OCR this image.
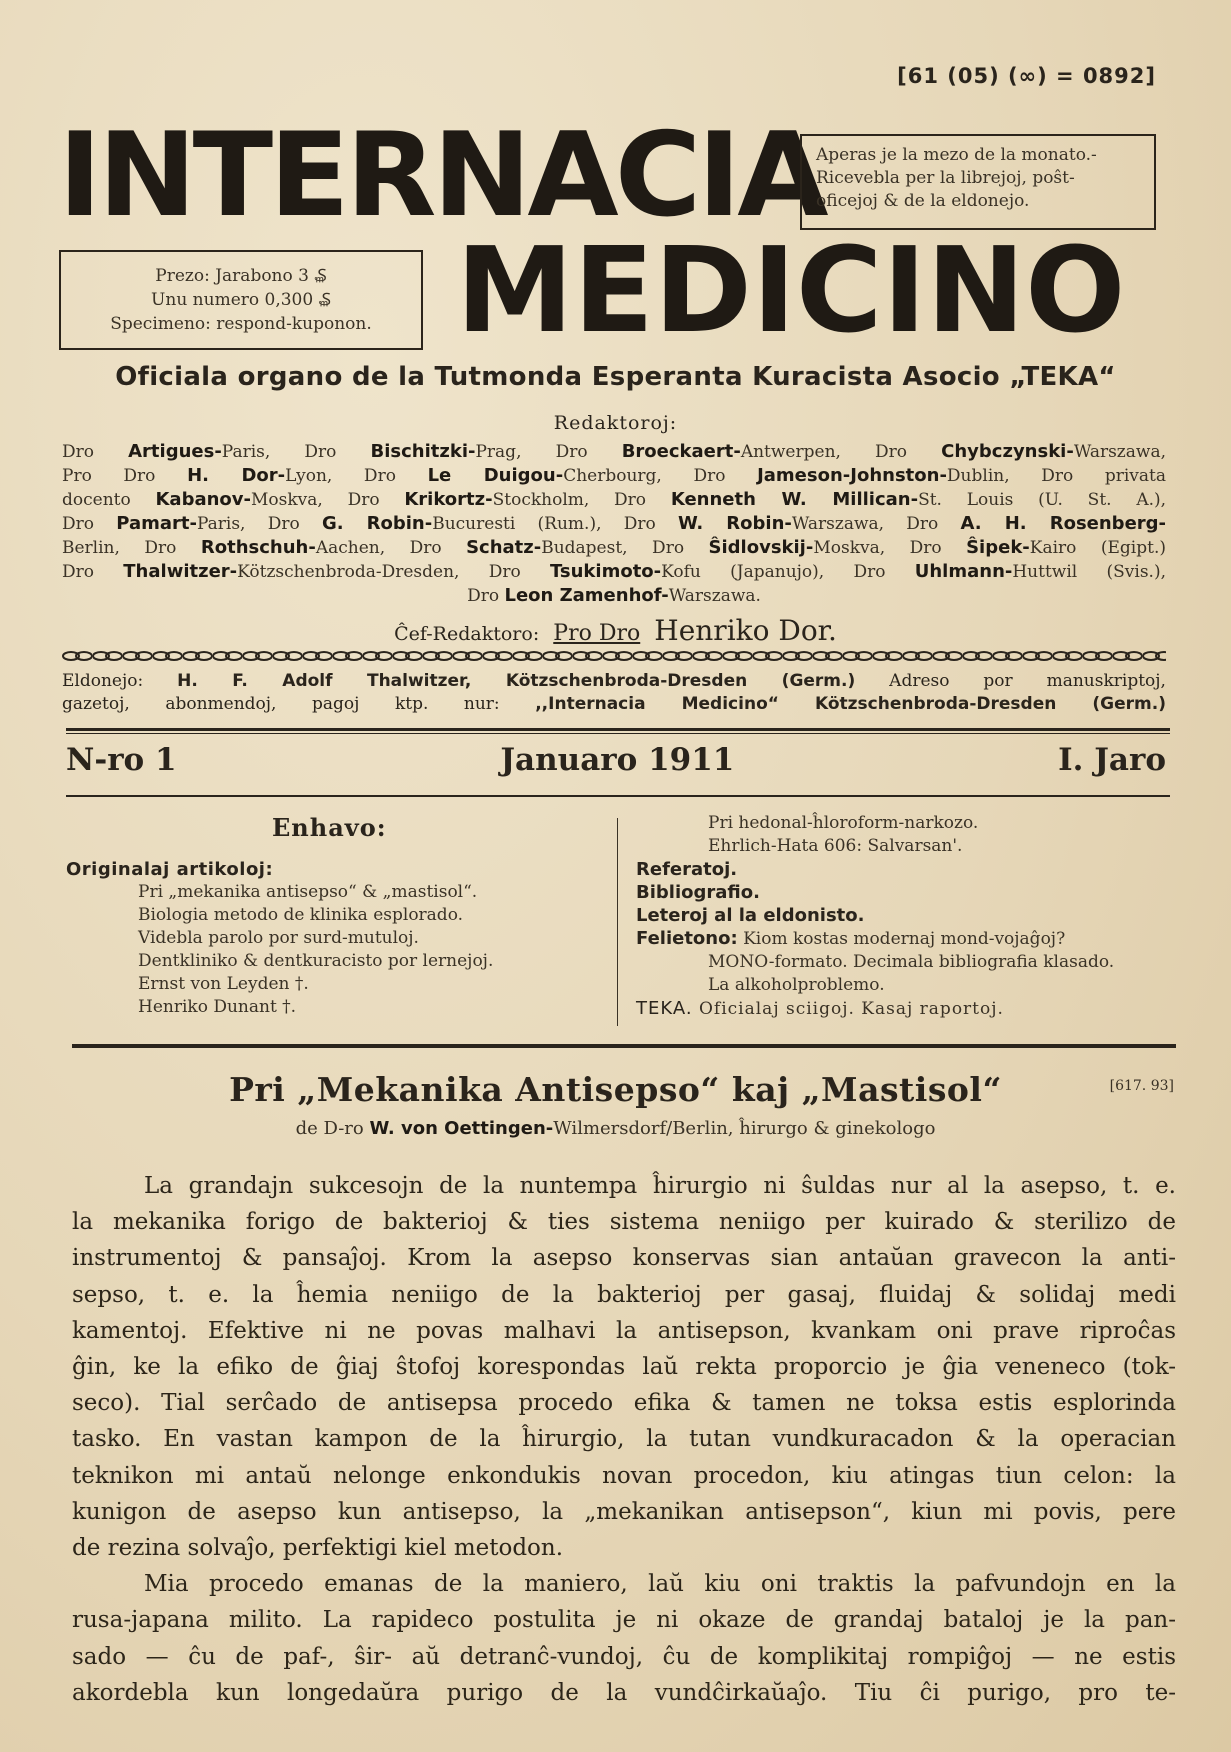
[61 (05) (∞) = 0892]
INTERNACIA
Aperas je la mezo de la monato.-
Ricevebla per la librejoj, poŝt-
oficejoj & de la eldonejo.
Prezo: Jarabono 3 ₷
Unu numero 0,300 ₷
Specimeno: respond-kuponon. MEDICINO
Oficiala organo de la Tutmonda Esperanta Kuracista Asocio „TEKA“
Redaktoroj:
Dro Artigues-Paris, Dro Bischitzki-Prag, Dro Broeckaert-Antwerpen, Dro Chybczynski-Warszawa,
Pro Dro H. Dor-Lyon, Dro Le Duigou-Cherbourg, Dro Jameson-Johnston-Dublin, Dro privata
docento Kabanov-Moskva, Dro Krikortz-Stockholm, Dro Kenneth W. Millican-St. Louis (U. St. A.),
Dro Pamart-Paris, Dro G. Robin-Bucuresti (Rum.), Dro W. Robin-Warszawa, Dro A. H. Rosenberg-
Berlin, Dro Rothschuh-Aachen, Dro Schatz-Budapest, Dro Ŝidlovskij-Moskva, Dro Ŝipek-Kairo (Egipt.)
Dro Thalwitzer-Kötzschenbroda-Dresden, Dro Tsukimoto-Kofu (Japanujo), Dro Uhlmann-Huttwil (Svis.),
Dro Leon Zamenhof-Warszawa.
Ĉef-Redaktoro: Pro Dro Henriko Dor.
Eldonejo: H. F. Adolf Thalwitzer, Kötzschenbroda-Dresden (Germ.) Adreso por manuskriptoj,
gazetoj, abonmendoj, pagoj ktp. nur: ,,Internacia Medicino“ Kötzschenbroda-Dresden (Germ.)
N-ro 1	Januaro 1911	I. Jaro
Enhavo:
Originalaj artikoloj:
Pri „mekanika antisepso“ & „mastisol“.
Biologia metodo de klinika esplorado.
Videbla parolo por surd-mutuloj.
Dentkliniko & dentkuracisto por lernejoj.
Ernst von Leyden †.
Henriko Dunant †.
Pri hedonal-ĥloroform-narkozo.
Ehrlich-Hata 606: Salvarsan'.
Referatoj.
Bibliografio.
Leteroj al la eldonisto.
Felietono: Kiom kostas modernaj mond-vojaĝoj?
MONO-formato. Decimala bibliografia klasado.
La alkoholproblemo.
TEKA. Oficialaj sciigoj. Kasaj raportoj.
Pri „Mekanika Antisepso“ kaj „Mastisol“	[617. 93]
de D-ro W. von Oettingen-Wilmersdorf/Berlin, ĥirurgo & ginekologo
La grandajn sukcesojn de la nuntempa ĥirurgio ni ŝuldas nur al la asepso, t. e.
la mekanika forigo de bakterioj & ties sistema neniigo per kuirado & sterilizo de
instrumentoj & pansaĵoj. Krom la asepso konservas sian antaŭan gravecon la anti-
sepso, t. e. la ĥemia neniigo de la bakterioj per gasaj, fluidaj & solidaj medi
kamentoj. Efektive ni ne povas malhavi la antisepson, kvankam oni prave riproĉas
ĝin, ke la efiko de ĝiaj ŝtofoj korespondas laŭ rekta proporcio je ĝia veneneco (tok-
seco). Tial serĉado de antisepsa procedo efika & tamen ne toksa estis esplorinda
tasko. En vastan kampon de la ĥirurgio, la tutan vundkuracadon & la operacian
teknikon mi antaŭ nelonge enkondukis novan procedon, kiu atingas tiun celon: la
kunigon de asepso kun antisepso, la „mekanikan antisepson“, kiun mi povis, pere
de rezina solvaĵo, perfektigi kiel metodon.
Mia procedo emanas de la maniero, laŭ kiu oni traktis la pafvundojn en la
rusa-japana milito. La rapideco postulita je ni okaze de grandaj bataloj je la pan-
sado — ĉu de paf-, ŝir- aŭ detranĉ-vundoj, ĉu de komplikitaj rompiĝoj — ne estis
akordebla kun longedaŭra purigo de la vundĉirkaŭaĵo. Tiu ĉi purigo, pro te-
